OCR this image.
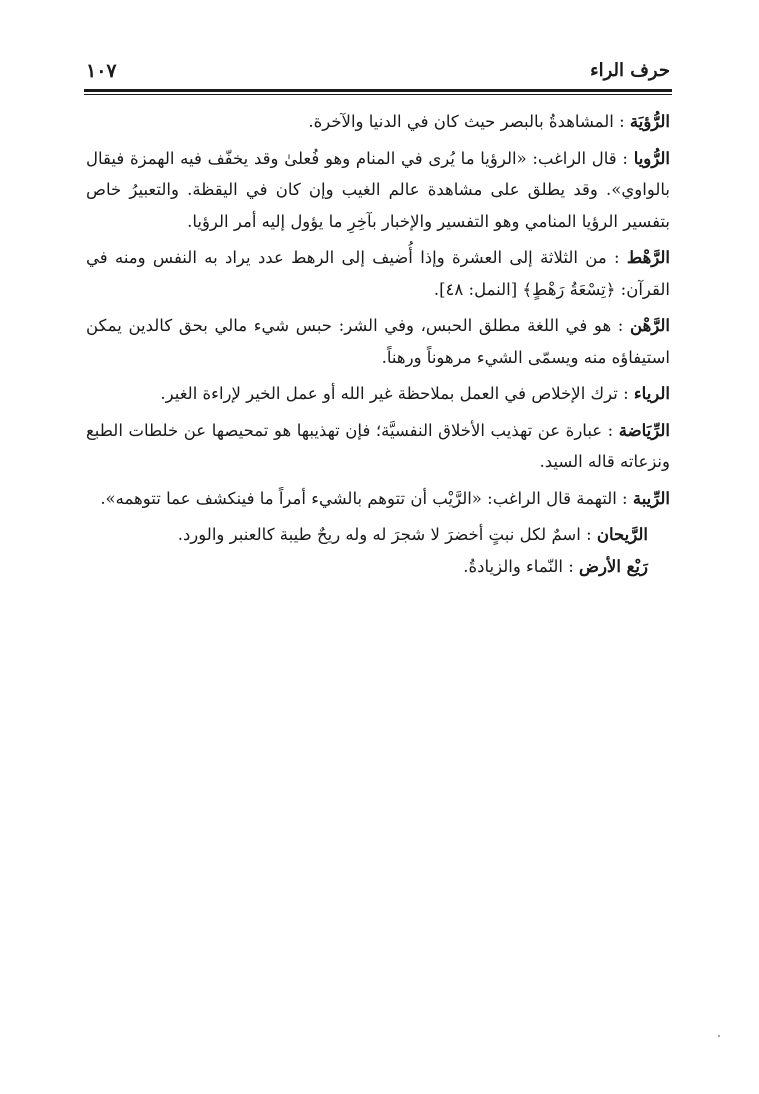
حرف الراء
١٠٧

الرُّؤيَة : المشاهدةُ بالبصر حيث كان في الدنيا والآخرة.

الرُّويا : قال الراغب: «الرؤيا ما يُرى في المنام وهو فُعلىٰ وقد يخفّف فيه الهمزة فيقال بالواوي». وقد يطلق على مشاهدة عالم الغيب وإن كان في اليقظة. والتعبيرُ خاص بتفسير الرؤيا المنامي وهو التفسير والإخبار بآخِرِ ما يؤول إليه أمر الرؤيا.

الرَّهْط : من الثلاثة إلى العشرة وإذا أُضيف إلى الرهط عدد يراد به النفس ومنه في القرآن: ﴿تِسْعَةُ رَهْطٍ﴾ [النمل: ٤٨].

الرَّهْن : هو في اللغة مطلق الحبس، وفي الشر: حبس شيء مالي بحق كالدين يمكن استيفاؤه منه ويسمّى الشيء مرهوناً ورهناً.

الرياء : ترك الإخلاص في العمل بملاحظة غير الله أو عمل الخير لإراءة الغير.

الرِّيَاضة : عبارة عن تهذيب الأخلاق النفسيَّة؛ فإن تهذيبها هو تمحيصها عن خلطات الطبع ونزعاته قاله السيد.

الرِّيبة : التهمة قال الراغب: «الرَّيْب أن تتوهم بالشيء أمراً ما فينكشف عما تتوهمه».

الرَّيحان : اسمٌ لكل نبتٍ أخضرَ لا شجرَ له وله ريحٌ طيبة كالعنبر والورد.

رَيْع الأرض : النّماء والزيادةُ.
